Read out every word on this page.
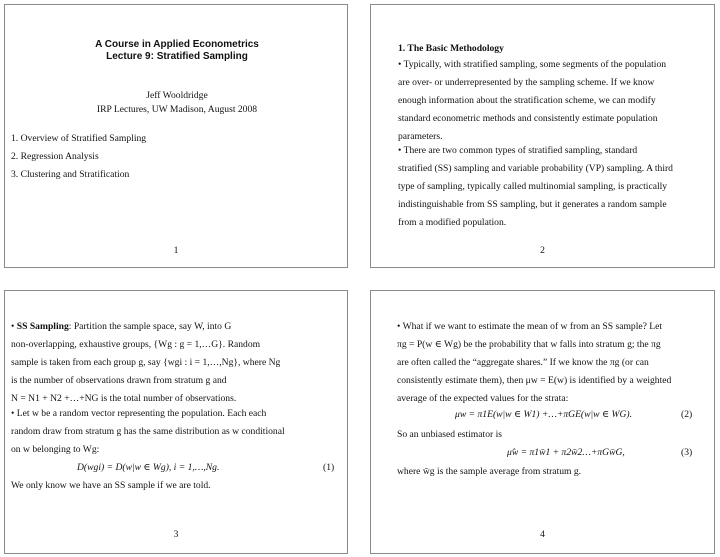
A Course in Applied Econometrics
Lecture 9: Stratified Sampling
Jeff Wooldridge
IRP Lectures, UW Madison, August 2008
1. Overview of Stratified Sampling
2. Regression Analysis
3. Clustering and Stratification
1
1. The Basic Methodology
• Typically, with stratified sampling, some segments of the population
are over- or underrepresented by the sampling scheme. If we know
enough information about the stratification scheme, we can modify
standard econometric methods and consistently estimate population
parameters.
• There are two common types of stratified sampling, standard
stratified (SS) sampling and variable probability (VP) sampling. A third
type of sampling, typically called multinomial sampling, is practically
indistinguishable from SS sampling, but it generates a random sample
from a modified population.
2
• SS Sampling: Partition the sample space, say W, into G
non-overlapping, exhaustive groups, {Wg : g = 1,…G}. Random
sample is taken from each group g, say {wgi : i = 1,…,Ng}, where Ng
is the number of observations drawn from stratum g and
N = N1 + N2 +…+NG is the total number of observations.
• Let w be a random vector representing the population. Each each
random draw from stratum g has the same distribution as w conditional
on w belonging to Wg:
D(wgi) = D(w|w ∈ Wg), i = 1,…,Ng.	(1)
We only know we have an SS sample if we are told.
3
• What if we want to estimate the mean of w from an SS sample? Let
πg = P(w ∈ Wg) be the probability that w falls into stratum g; the πg
are often called the “aggregate shares.” If we know the πg (or can
consistently estimate them), then μw = E(w) is identified by a weighted
average of the expected values for the strata:
μw = π1E(w|w ∈ W1) +…+πGE(w|w ∈ WG).	(2)
So an unbiased estimator is
μ̂w = π1w̄1 + π2w̄2…+πGw̄G,	(3)
where w̄g is the sample average from stratum g.
4
